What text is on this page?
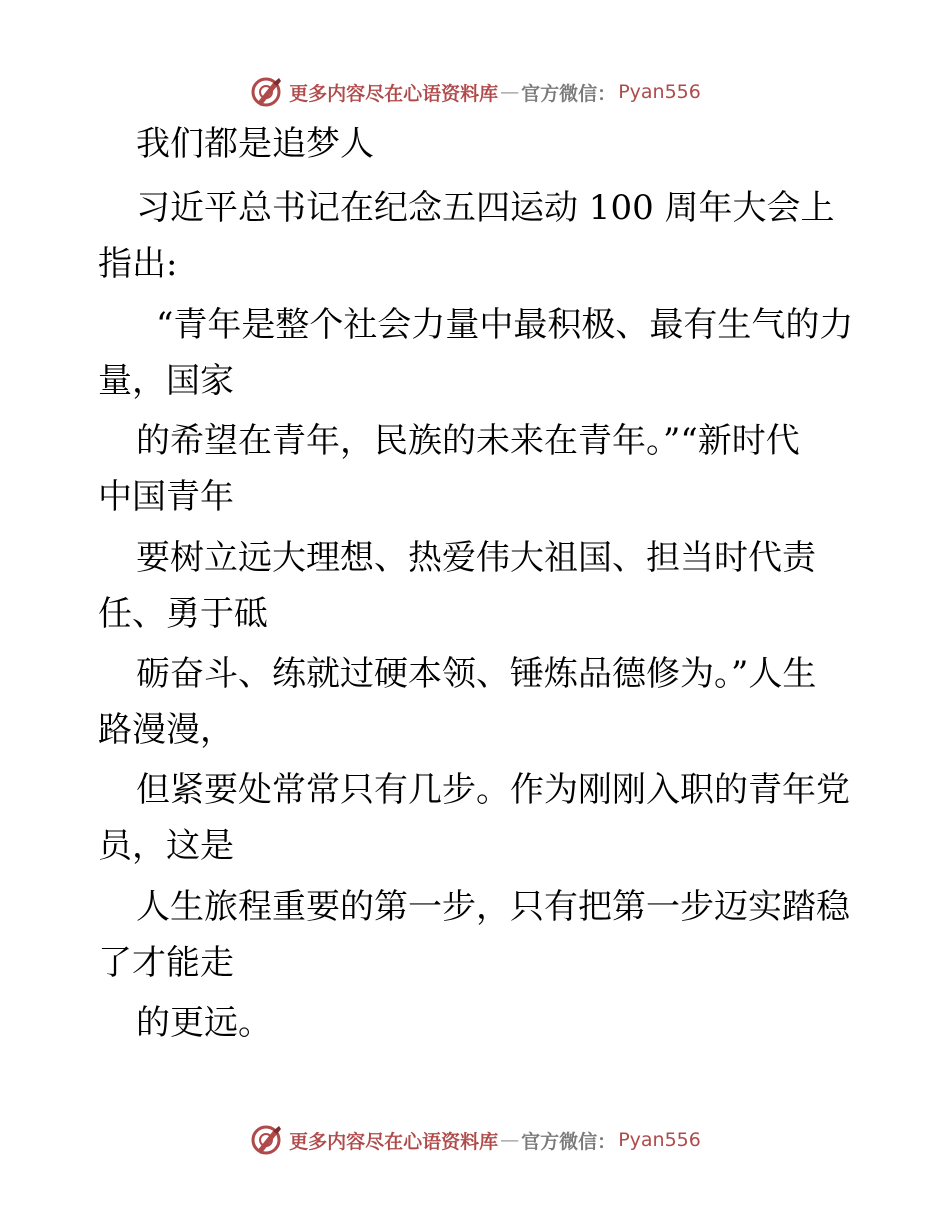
更多内容尽在心语资料库 — 官方微信： Pyan556
我们都是追梦人
习近平总书记在纪念五四运动 100 周年大会上
指出:
“青年是整个社会力量中最积极、最有生气的力
量，国家
的希望在青年，民族的未来在青年。”“新时代
中国青年
要树立远大理想、热爱伟大祖国、担当时代责
任、勇于砥
砺奋斗、练就过硬本领、锤炼品德修为。”人生
路漫漫，
但紧要处常常只有几步。作为刚刚入职的青年党
员，这是
人生旅程重要的第一步，只有把第一步迈实踏稳
了才能走
的更远。
更多内容尽在心语资料库 — 官方微信： Pyan556
